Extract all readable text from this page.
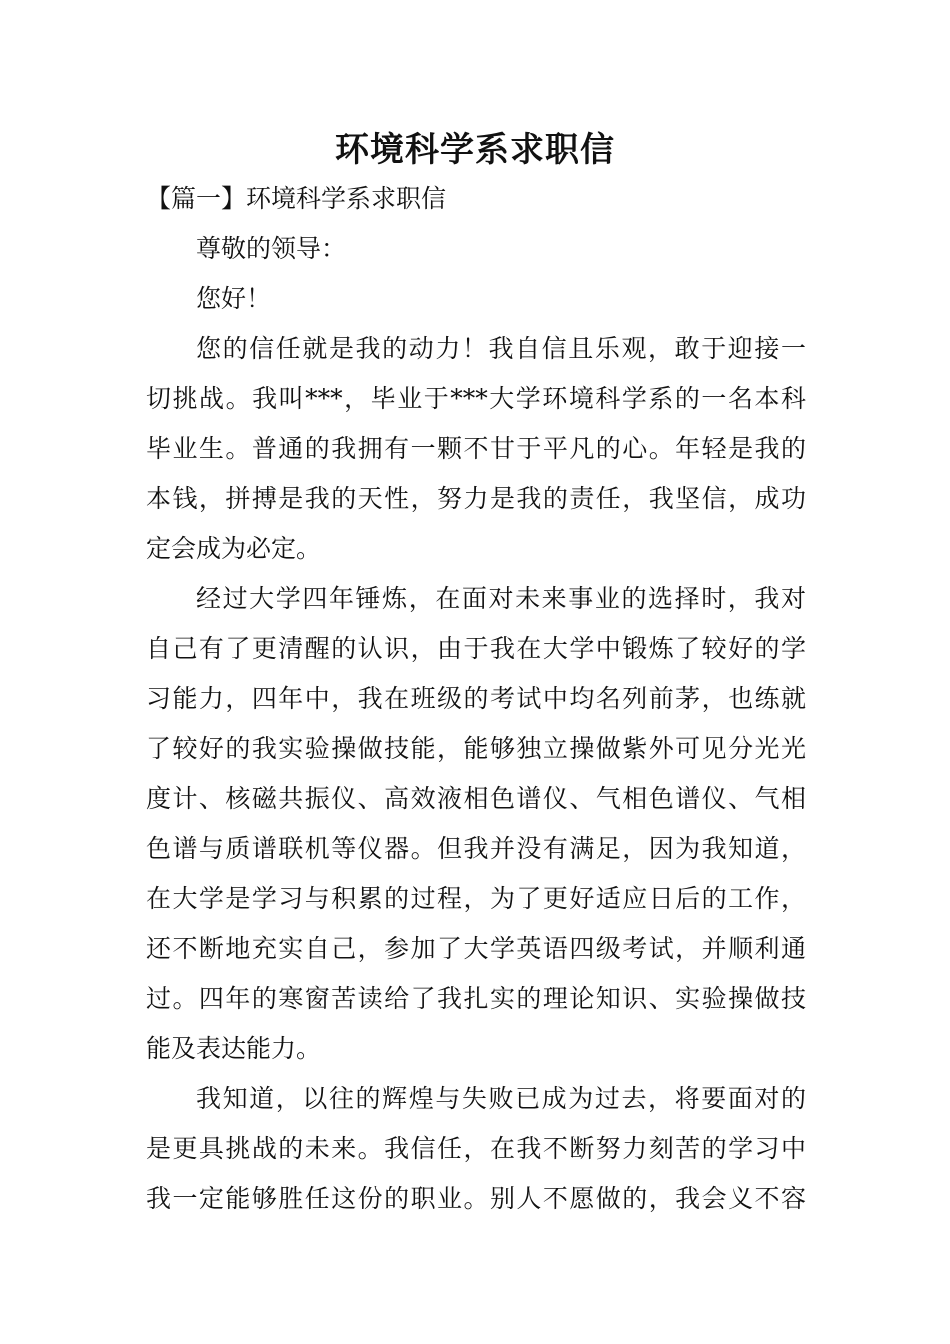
环境科学系求职信
【篇一】环境科学系求职信
尊敬的领导：
您好！
您的信任就是我的动力！我自信且乐观，敢于迎接一
切挑战。我叫***，毕业于***大学环境科学系的一名本科
毕业生。普通的我拥有一颗不甘于平凡的心。年轻是我的
本钱，拼搏是我的天性，努力是我的责任，我坚信，成功
定会成为必定。
经过大学四年锤炼，在面对未来事业的选择时，我对
自己有了更清醒的认识，由于我在大学中锻炼了较好的学
习能力，四年中，我在班级的考试中均名列前茅，也练就
了较好的我实验操做技能，能够独立操做紫外可见分光光
度计、核磁共振仪、高效液相色谱仪、气相色谱仪、气相
色谱与质谱联机等仪器。但我并没有满足，因为我知道，
在大学是学习与积累的过程，为了更好适应日后的工作，
还不断地充实自己，参加了大学英语四级考试，并顺利通
过。四年的寒窗苦读给了我扎实的理论知识、实验操做技
能及表达能力。
我知道，以往的辉煌与失败已成为过去，将要面对的
是更具挑战的未来。我信任，在我不断努力刻苦的学习中
我一定能够胜任这份的职业。别人不愿做的，我会义不容
